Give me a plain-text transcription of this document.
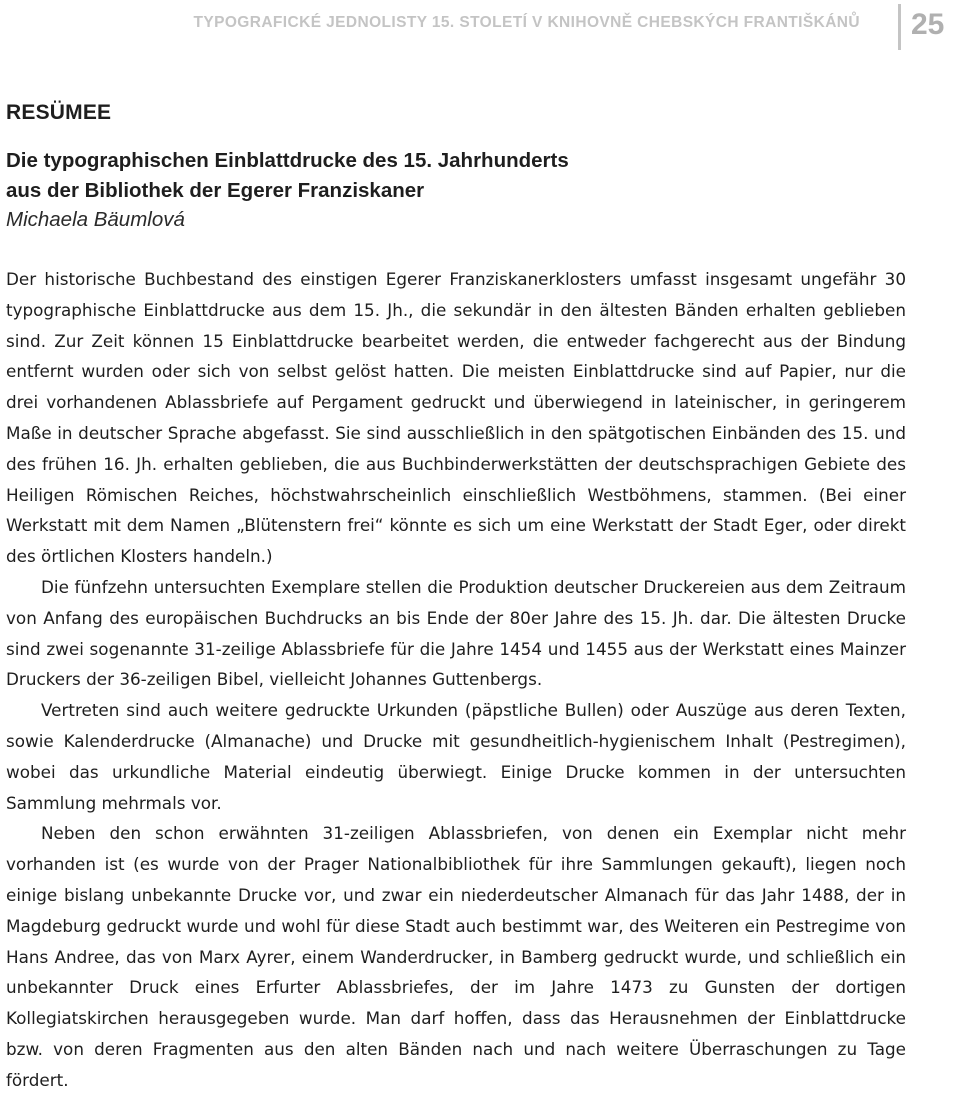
TYPOGRAFICKÉ JEDNOLISTY 15. STOLETÍ V KNIHOVNĚ CHEBSKÝCH FRANTIŠKÁNŮ 25
RESÜMEE
Die typographischen Einblattdrucke des 15. Jahrhunderts
aus der Bibliothek der Egerer Franziskaner
Michaela Bäumlová

Der historische Buchbestand des einstigen Egerer Franziskanerklosters umfasst insgesamt ungefähr 30 typographische Einblattdrucke aus dem 15. Jh., die sekundär in den ältesten Bänden erhalten geblieben sind. Zur Zeit können 15 Einblattdrucke bearbeitet werden, die entweder fachgerecht aus der Bindung entfernt wurden oder sich von selbst gelöst hatten. Die meisten Einblattdrucke sind auf Papier, nur die drei vorhandenen Ablassbriefe auf Pergament gedruckt und überwiegend in lateinischer, in geringerem Maße in deutscher Sprache abgefasst. Sie sind ausschließlich in den spätgotischen Einbänden des 15. und des frühen 16. Jh. erhalten geblieben, die aus Buchbinderwerkstätten der deutschsprachigen Gebiete des Heiligen Römischen Reiches, höchstwahrscheinlich einschließlich Westböhmens, stammen. (Bei einer Werkstatt mit dem Namen „Blütenstern frei“ könnte es sich um eine Werkstatt der Stadt Eger, oder direkt des örtlichen Klosters handeln.)

Die fünfzehn untersuchten Exemplare stellen die Produktion deutscher Druckereien aus dem Zeitraum von Anfang des europäischen Buchdrucks an bis Ende der 80er Jahre des 15. Jh. dar. Die ältesten Drucke sind zwei sogenannte 31-zeilige Ablassbriefe für die Jahre 1454 und 1455 aus der Werkstatt eines Mainzer Druckers der 36-zeiligen Bibel, vielleicht Johannes Guttenbergs.

Vertreten sind auch weitere gedruckte Urkunden (päpstliche Bullen) oder Auszüge aus deren Texten, sowie Kalenderdrucke (Almanache) und Drucke mit gesundheitlich-hygienischem Inhalt (Pestregimen), wobei das urkundliche Material eindeutig überwiegt. Einige Drucke kommen in der untersuchten Sammlung mehrmals vor.

Neben den schon erwähnten 31-zeiligen Ablassbriefen, von denen ein Exemplar nicht mehr vorhanden ist (es wurde von der Prager Nationalbibliothek für ihre Sammlungen gekauft), liegen noch einige bislang unbekannte Drucke vor, und zwar ein niederdeutscher Almanach für das Jahr 1488, der in Magdeburg gedruckt wurde und wohl für diese Stadt auch bestimmt war, des Weiteren ein Pestregime von Hans Andree, das von Marx Ayrer, einem Wanderdrucker, in Bamberg gedruckt wurde, und schließlich ein unbekannter Druck eines Erfurter Ablassbriefes, der im Jahre 1473 zu Gunsten der dortigen Kollegiatskirchen herausgegeben wurde. Man darf hoffen, dass das Herausnehmen der Einblattdrucke bzw. von deren Fragmenten aus den alten Bänden nach und nach weitere Überraschungen zu Tage fördert.
